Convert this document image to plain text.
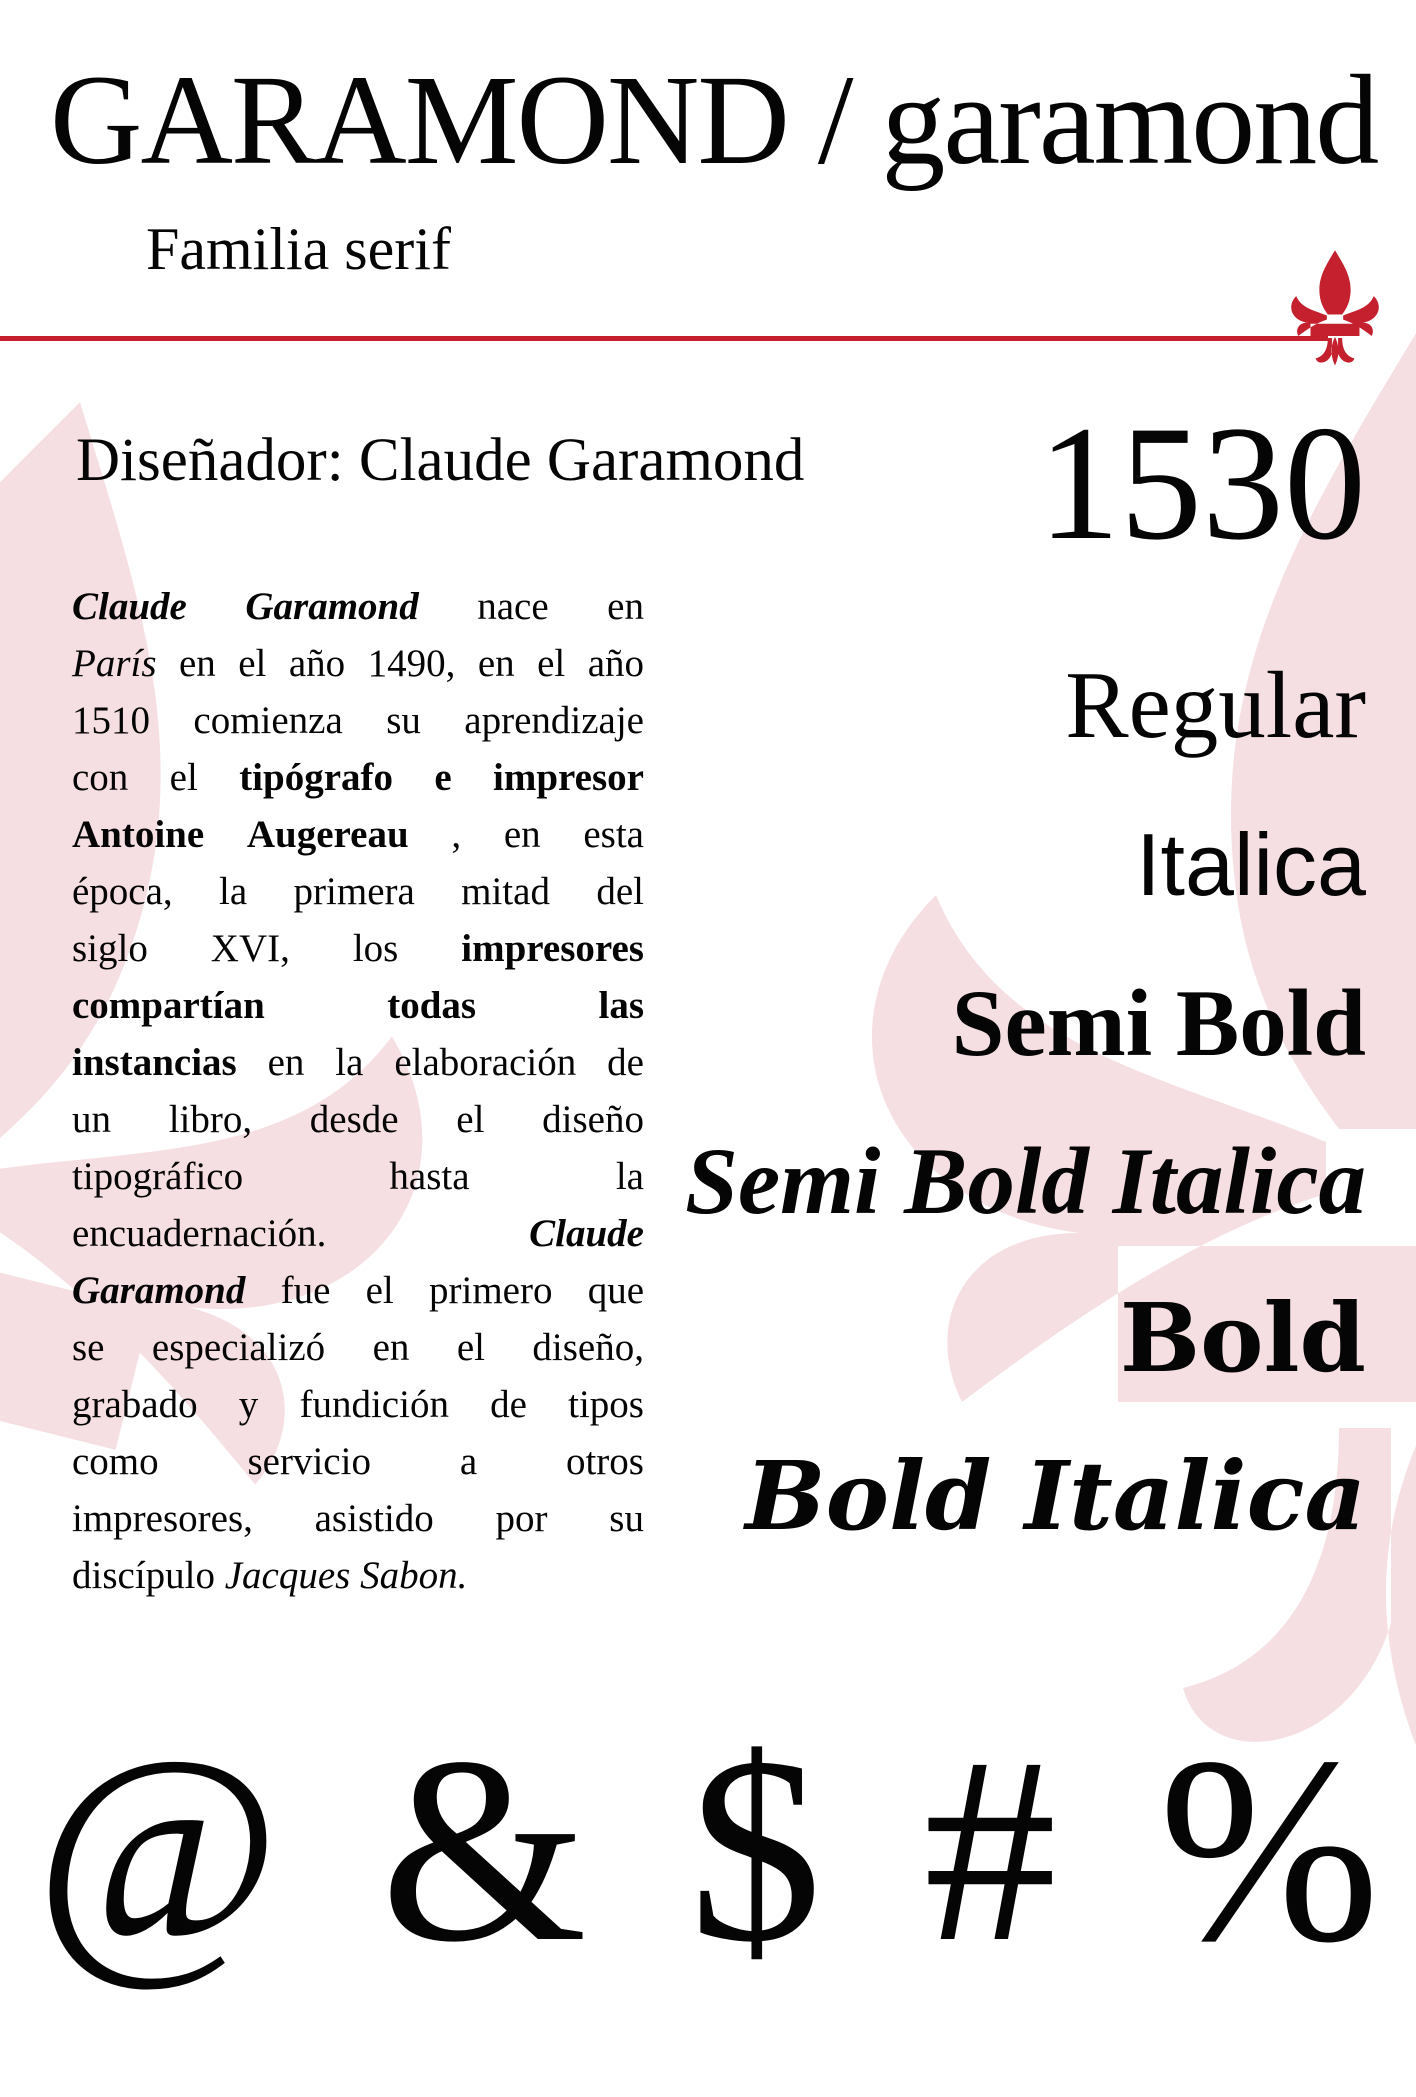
GARAMOND / garamond
Familia serif
Diseñador: Claude Garamond 1530
Claude Garamond nace en
París en el año 1490, en el año
1510 comienza su aprendizaje
con el tipógrafo e impresor
Antoine Augereau , en esta
época, la primera mitad del
siglo XVI, los impresores
compartían	todas	las
instancias en la elaboración de
un libro, desde el diseño
tipográfico	hasta	la
encuadernación.	Claude
Garamond fue el primero que
se especializó en el diseño,
grabado y fundición de tipos
como servicio a otros
impresores, asistido por su
discípulo Jacques Sabon.
Regular
Italica
Semi Bold
Semi Bold Italica
Bold
Bold Italica
@ & $ # %
